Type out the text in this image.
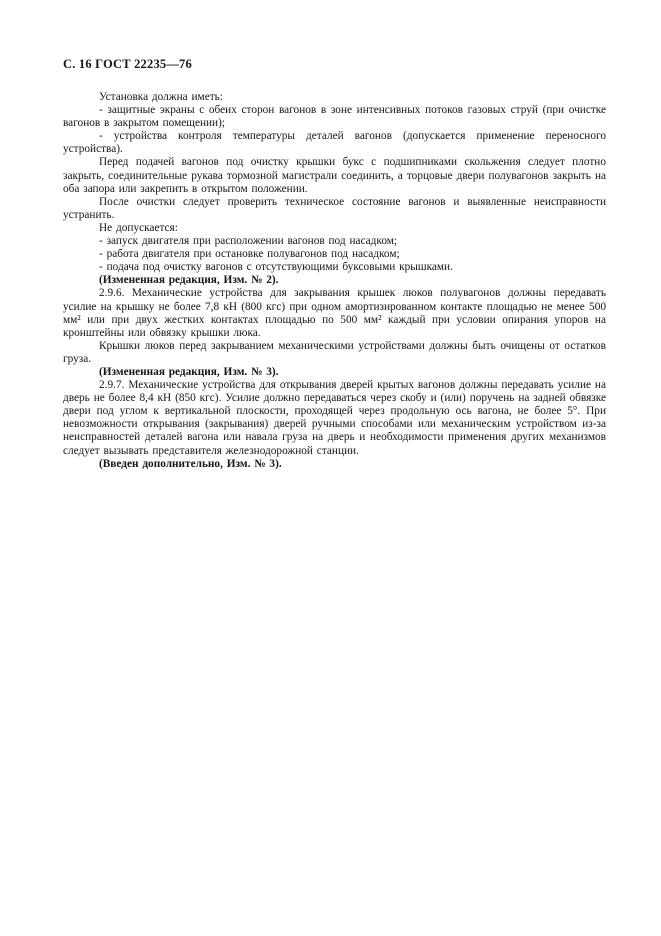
С. 16 ГОСТ 22235—76

Установка должна иметь:

- защитные экраны с обеих сторон вагонов в зоне интенсивных потоков газовых струй (при очистке вагонов в закрытом помещении);

- устройства контроля температуры деталей вагонов (допускается применение переносного устройства).

Перед подачей вагонов под очистку крышки букс с подшипниками скольжения следует плотно закрыть, соединительные рукава тормозной магистрали соединить, а торцовые двери полувагонов закрыть на оба запора или закрепить в открытом положении.

После очистки следует проверить техническое состояние вагонов и выявленные неисправности устранить.

Не допускается:

- запуск двигателя при расположении вагонов под насадком;

- работа двигателя при остановке полувагонов под насадком;

- подача под очистку вагонов с отсутствующими буксовыми крышками.

(Измененная редакция, Изм. № 2).

2.9.6. Механические устройства для закрывания крышек люков полувагонов должны передавать усилие на крышку не более 7,8 кН (800 кгс) при одном амортизированном контакте площадью не менее 500 мм² или при двух жестких контактах площадью по 500 мм² каждый при условии опирания упоров на кронштейны или обвязку крышки люка.

Крышки люков перед закрыванием механическими устройствами должны быть очищены от остатков груза.

(Измененная редакция, Изм. № 3).

2.9.7. Механические устройства для открывания дверей крытых вагонов должны передавать усилие на дверь не более 8,4 кН (850 кгс). Усилие должно передаваться через скобу и (или) поручень на задней обвязке двери под углом к вертикальной плоскости, проходящей через продольную ось вагона, не более 5°. При невозможности открывания (закрывания) дверей ручными способами или механическим устройством из-за неисправностей деталей вагона или навала груза на дверь и необходимости применения других механизмов следует вызывать представителя железнодорожной станции.

(Введен дополнительно, Изм. № 3).
